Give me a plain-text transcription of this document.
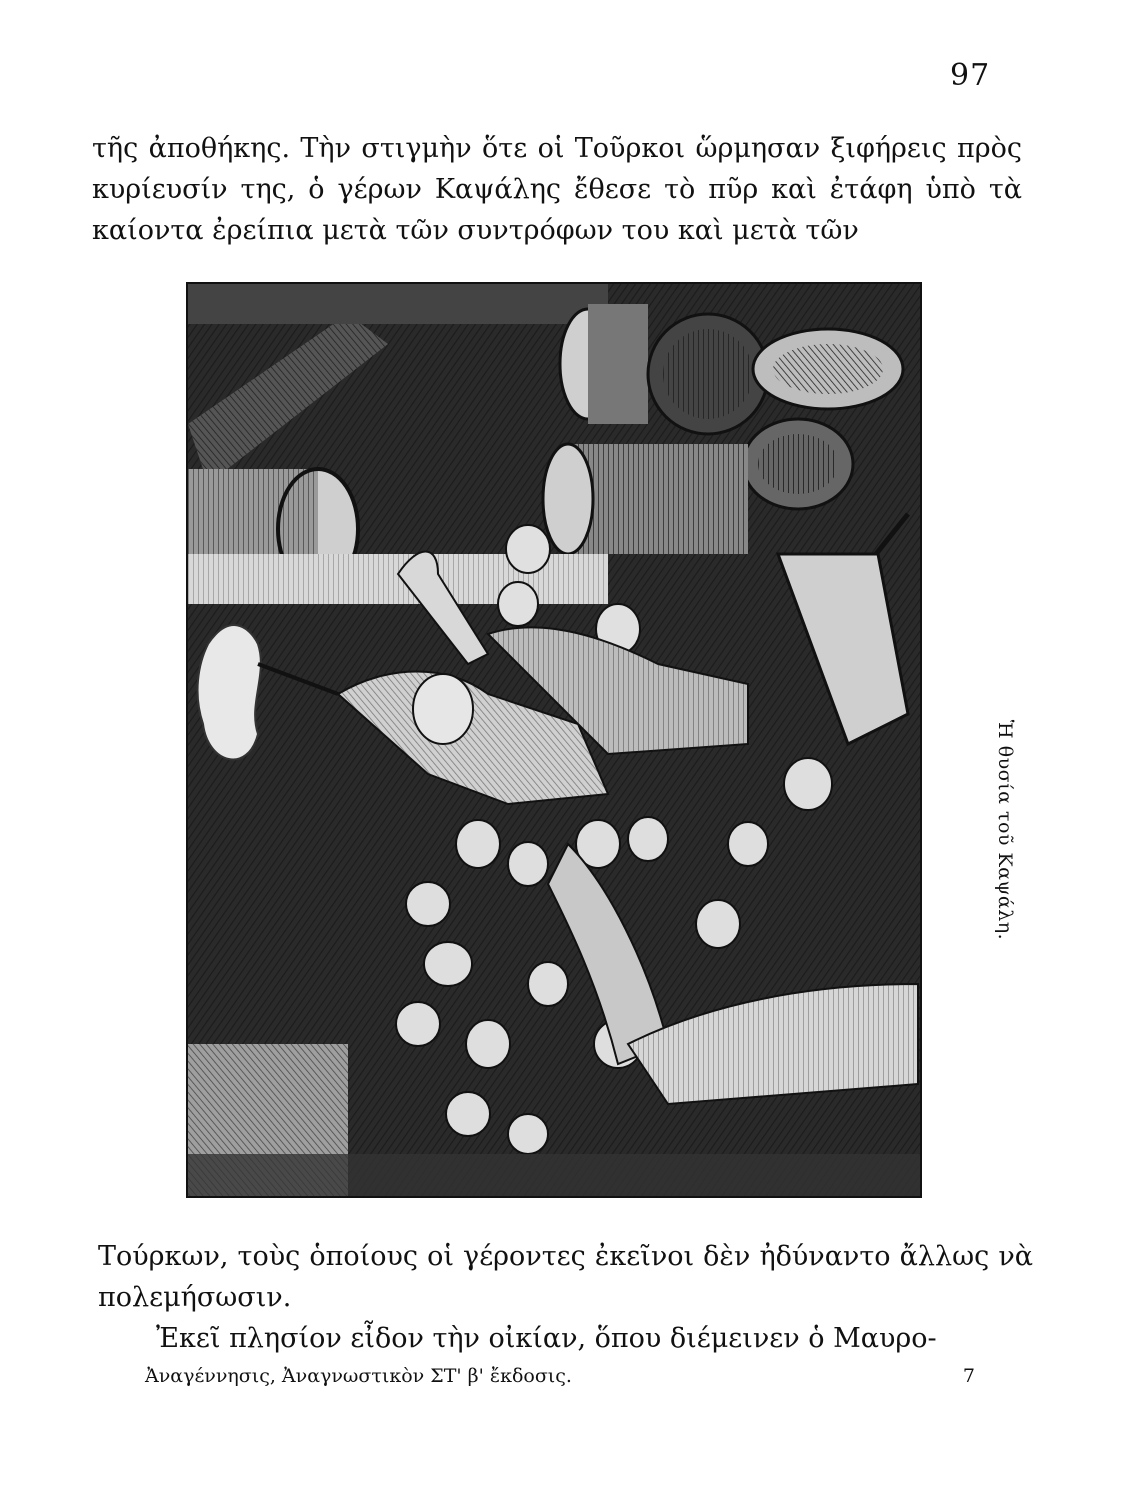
97

τῆς ἀποθήκης. Τὴν στιγμὴν ὅτε οἱ Τοῦρκοι ὥρμησαν ξιφήρεις πρὸς κυρίευσίν της, ὁ γέρων Καψάλης ἔθεσε τὸ πῦρ καὶ ἐτάφη ὑπὸ τὰ καίοντα ἐρείπια μετὰ τῶν συντρόφων του καὶ μετὰ τῶν

Ἡ θυσία τοῦ Καψάλη.

Τούρκων, τοὺς ὁποίους οἱ γέροντες ἐκεῖνοι δὲν ἠδύναντο ἄλλως νὰ πολεμήσωσιν.

Ἐκεῖ πλησίον εἶδον τὴν οἰκίαν, ὅπου διέμεινεν ὁ Μαυρο-

Ἀναγέννησις, Ἀναγνωστικὸν ΣΤ' β' ἔκδοσις.	7
